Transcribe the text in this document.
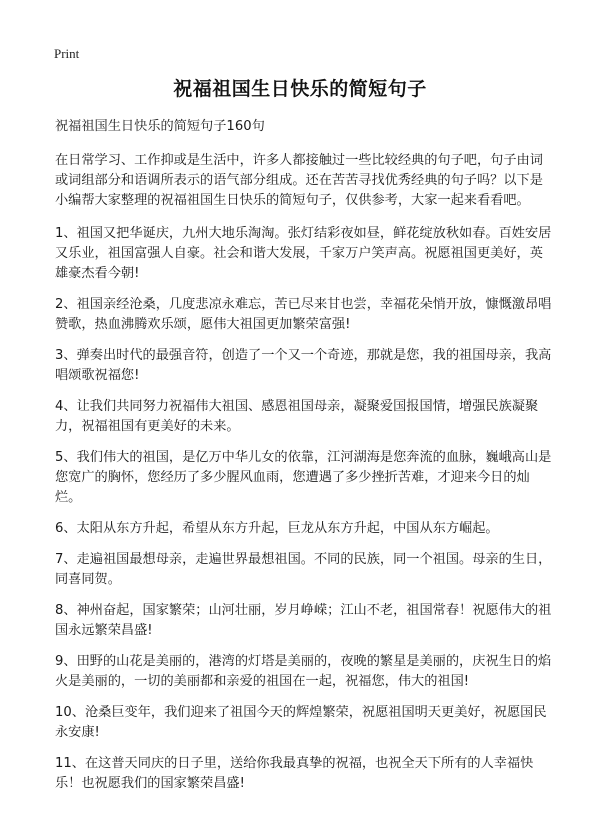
Print
祝福祖国生日快乐的简短句子

祝福祖国生日快乐的简短句子160句

在日常学习、工作抑或是生活中，许多人都接触过一些比较经典的句子吧，句子由词或词组部分和语调所表示的语气部分组成。还在苦苦寻找优秀经典的句子吗？以下是小编帮大家整理的祝福祖国生日快乐的简短句子，仅供参考，大家一起来看看吧。

1、祖国又把华诞庆，九州大地乐淘淘。张灯结彩夜如昼，鲜花绽放秋如春。百姓安居又乐业，祖国富强人自豪。社会和谐大发展，千家万户笑声高。祝愿祖国更美好，英雄豪杰看今朝!

2、祖国亲经沧桑，几度悲凉永难忘，苦已尽来甘也尝，幸福花朵悄开放，慷慨激昂唱赞歌，热血沸腾欢乐颂，愿伟大祖国更加繁荣富强!

3、弹奏出时代的最强音符，创造了一个又一个奇迹，那就是您，我的祖国母亲，我高唱颂歌祝福您!

4、让我们共同努力祝福伟大祖国、感恩祖国母亲，凝聚爱国报国情，增强民族凝聚力，祝福祖国有更美好的未来。

5、我们伟大的祖国，是亿万中华儿女的依靠，江河湖海是您奔流的血脉，巍峨高山是您宽广的胸怀，您经历了多少腥风血雨，您遭遇了多少挫折苦难，才迎来今日的灿烂。

6、太阳从东方升起，希望从东方升起，巨龙从东方升起，中国从东方崛起。

7、走遍祖国最想母亲，走遍世界最想祖国。不同的民族，同一个祖国。母亲的生日，同喜同贺。

8、神州奋起，国家繁荣；山河壮丽，岁月峥嵘；江山不老，祖国常春！祝愿伟大的祖国永远繁荣昌盛!

9、田野的山花是美丽的，港湾的灯塔是美丽的，夜晚的繁星是美丽的，庆祝生日的焰火是美丽的，一切的美丽都和亲爱的祖国在一起，祝福您，伟大的祖国!

10、沧桑巨变年，我们迎来了祖国今天的辉煌繁荣，祝愿祖国明天更美好，祝愿国民永安康!

11、在这普天同庆的日子里，送给你我最真挚的祝福，也祝全天下所有的人幸福快乐！也祝愿我们的国家繁荣昌盛!
